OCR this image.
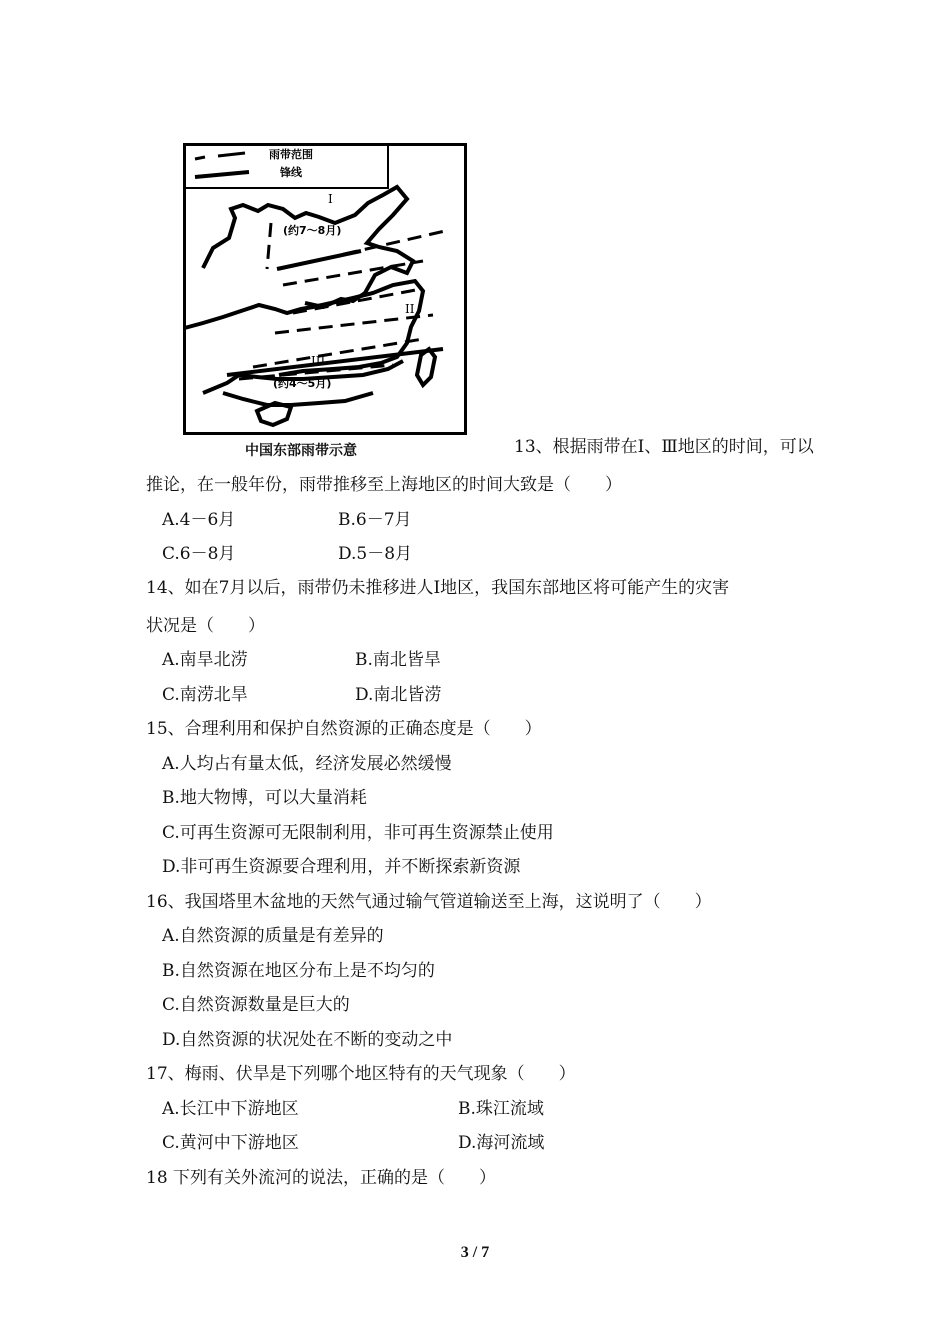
雨带范围
锋线
I
(约7～8月)
II
III
(约4～5月)
中国东部雨带示意	13、根据雨带在Ⅰ、Ⅲ地区的时间，可以
推论，在一般年份，雨带推移至上海地区的时间大致是（　　）
A.4－6月	B.6－7月
C.6－8月	D.5－8月
14、如在7月以后，雨带仍未推移进人Ⅰ地区，我国东部地区将可能产生的灾害
状况是（　　）
A.南旱北涝	B.南北皆旱
C.南涝北旱	D.南北皆涝
15、合理利用和保护自然资源的正确态度是（　　）
A.人均占有量太低，经济发展必然缓慢
B.地大物博，可以大量消耗
C.可再生资源可无限制利用，非可再生资源禁止使用
D.非可再生资源要合理利用，并不断探索新资源
16、我国塔里木盆地的天然气通过输气管道输送至上海，这说明了（　　）
A.自然资源的质量是有差异的
B.自然资源在地区分布上是不均匀的
C.自然资源数量是巨大的
D.自然资源的状况处在不断的变动之中
17、梅雨、伏旱是下列哪个地区特有的天气现象（　　）
A.长江中下游地区	B.珠江流域
C.黄河中下游地区	D.海河流域
18 下列有关外流河的说法，正确的是（　　）
3 / 7
